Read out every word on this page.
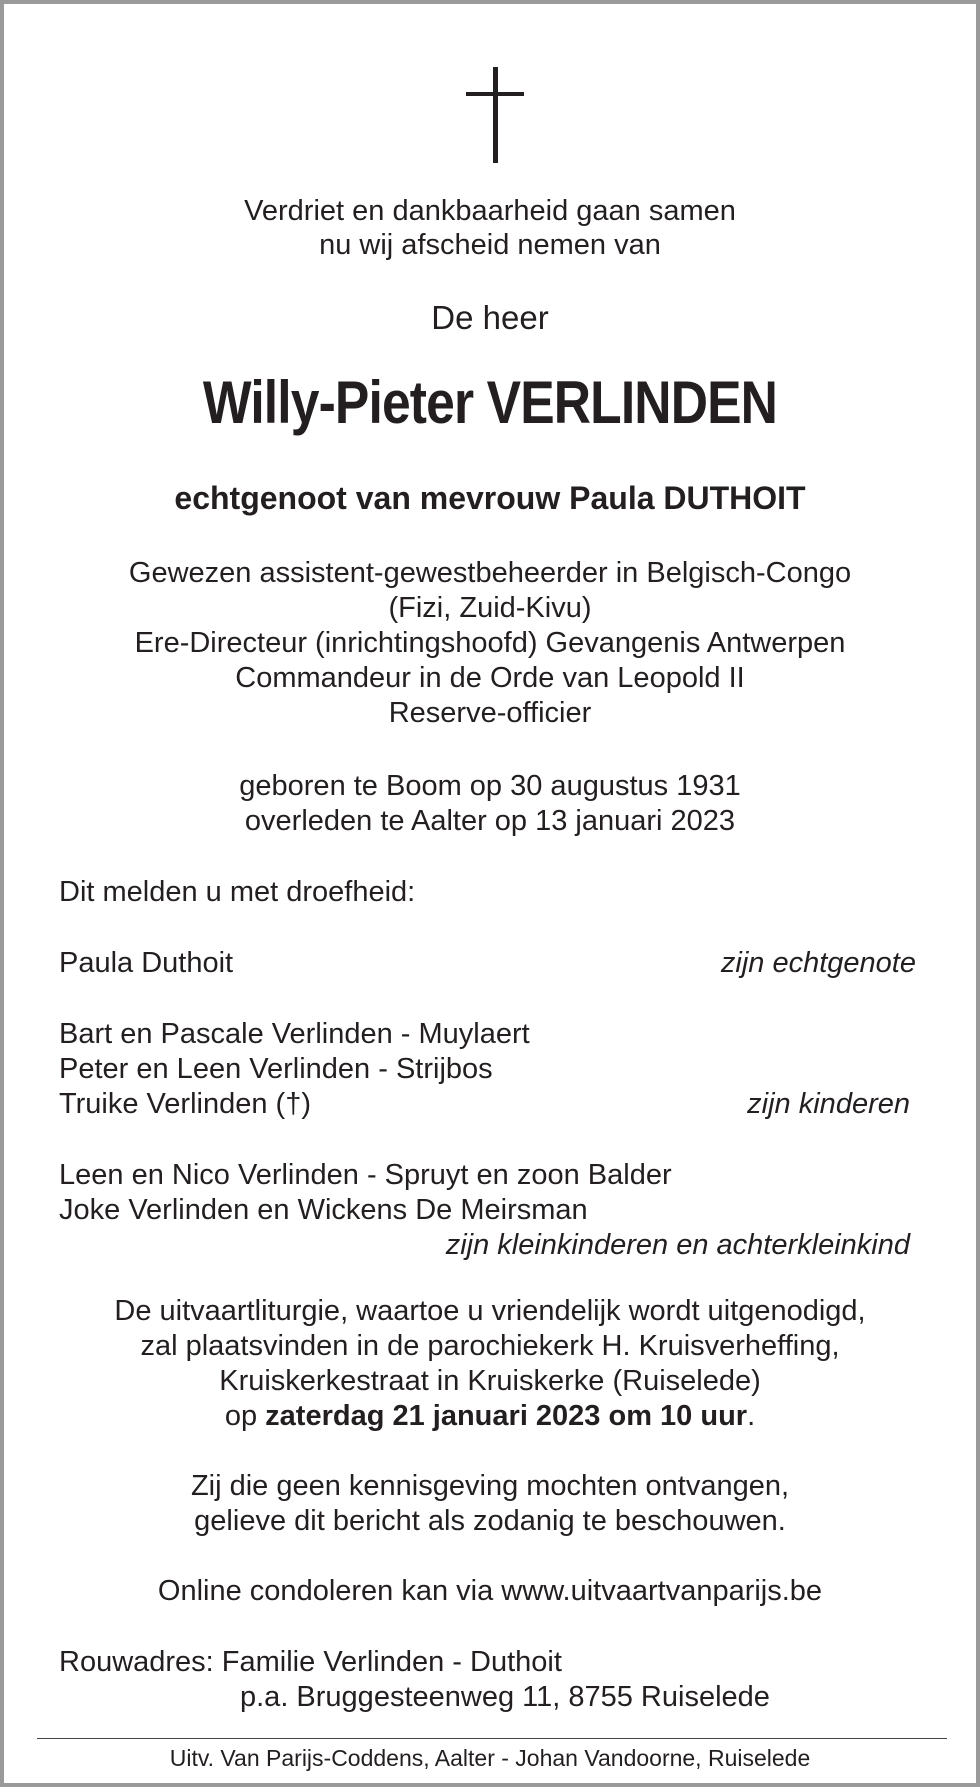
Verdriet en dankbaarheid gaan samen
nu wij afscheid nemen van
De heer
Willy-Pieter VERLINDEN
echtgenoot van mevrouw Paula DUTHOIT
Gewezen assistent-gewestbeheerder in Belgisch-Congo
(Fizi, Zuid-Kivu)
Ere-Directeur (inrichtingshoofd) Gevangenis Antwerpen
Commandeur in de Orde van Leopold II
Reserve-officier
geboren te Boom op 30 augustus 1931
overleden te Aalter op 13 januari 2023
Dit melden u met droefheid:
Paula Duthoit	zijn echtgenote
Bart en Pascale Verlinden - Muylaert
Peter en Leen Verlinden - Strijbos
Truike Verlinden (†)	zijn kinderen
Leen en Nico Verlinden - Spruyt en zoon Balder
Joke Verlinden en Wickens De Meirsman
zijn kleinkinderen en achterkleinkind
De uitvaartliturgie, waartoe u vriendelijk wordt uitgenodigd,
zal plaatsvinden in de parochiekerk H. Kruisverheffing,
Kruiskerkestraat in Kruiskerke (Ruiselede)
op zaterdag 21 januari 2023 om 10 uur.
Zij die geen kennisgeving mochten ontvangen,
gelieve dit bericht als zodanig te beschouwen.
Online condoleren kan via www.uitvaartvanparijs.be
Rouwadres: Familie Verlinden - Duthoit
p.a. Bruggesteenweg 11, 8755 Ruiselede
Uitv. Van Parijs-Coddens, Aalter - Johan Vandoorne, Ruiselede
